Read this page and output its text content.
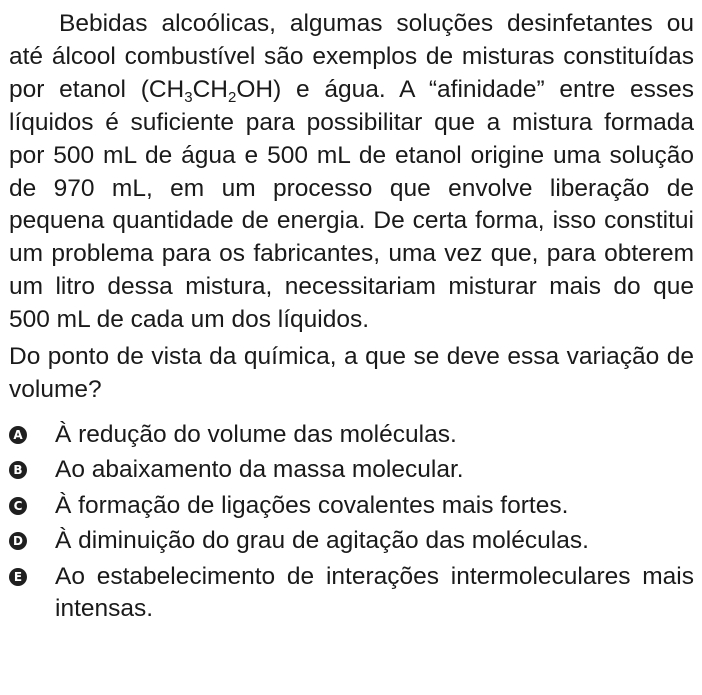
Bebidas alcoólicas, algumas soluções desinfetantes ou até álcool combustível são exemplos de misturas constituídas por etanol $(CH_3CH_2OH)$ e água. A “afinidade” entre esses líquidos é suficiente para possibilitar que a mistura formada por 500 mL de água e 500 mL de etanol origine uma solução de 970 mL, em um processo que envolve liberação de pequena quantidade de energia. De certa forma, isso constitui um problema para os fabricantes, uma vez que, para obterem um litro dessa mistura, necessitariam misturar mais do que 500 mL de cada um dos líquidos.

Do ponto de vista da química, a que se deve essa variação de volume?

A À redução do volume das moléculas.
B Ao abaixamento da massa molecular.
C À formação de ligações covalentes mais fortes.
D À diminuição do grau de agitação das moléculas.
E Ao estabelecimento de interações intermoleculares mais intensas.
